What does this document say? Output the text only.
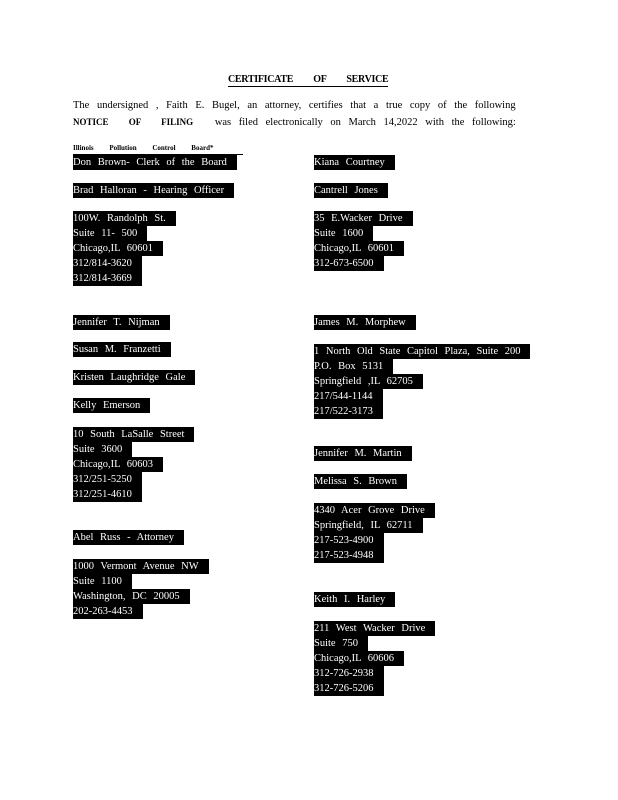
CERTIFICATE OF SERVICE
The undersigned , Faith E. Bugel, an attorney, certifies that a true copy of the following
NOTICE OF FILING was filed electronically on March 14,2022 with the following:
Illinois Pollution Control Board*
Don Brown- Clerk of the Board
Brad Halloran - Hearing Officer
100W. Randolph St.
Suite 11- 500
Chicago,IL 60601
312/814-3620
312/814-3669
Jennifer T. Nijman
Susan M. Franzetti
Kristen Laughridge Gale
Kelly Emerson
10 South LaSalle Street
Suite 3600
Chicago,IL 60603
312/251-5250
312/251-4610
Abel Russ - Attorney
1000 Vermont Avenue NW
Suite 1100
Washington, DC 20005
202-263-4453
Kiana Courtney
Cantrell Jones
35 E.Wacker Drive
Suite 1600
Chicago,IL 60601
312-673-6500
James M. Morphew
1 North Old State Capitol Plaza, Suite 200
P.O. Box 5131
Springfield ,IL 62705
217/544-1144
217/522-3173
Jennifer M. Martin
Melissa S. Brown
4340 Acer Grove Drive
Springfield, IL 62711
217-523-4900
217-523-4948
Keith I. Harley
211 West Wacker Drive
Suite 750
Chicago,IL 60606
312-726-2938
312-726-5206
